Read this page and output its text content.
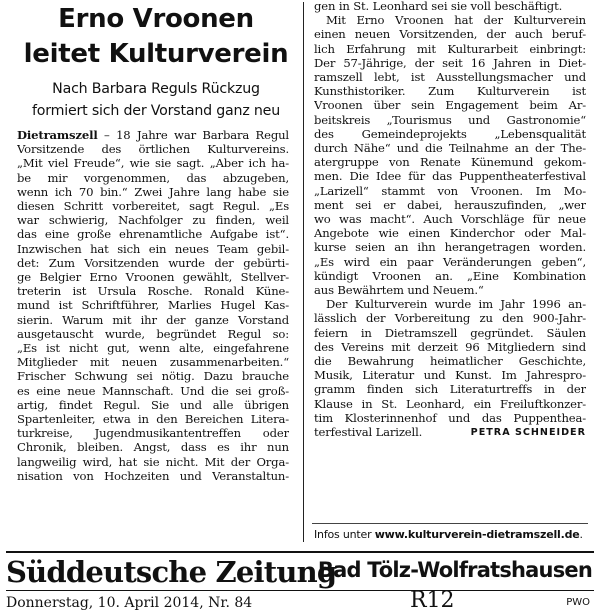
Erno Vroonen
leitet Kulturverein

Nach Barbara Reguls Rückzug
formiert sich der Vorstand ganz neu

Dietramszell – 18 Jahre war Barbara Regul
Vorsitzende des örtlichen Kulturvereins.
„Mit viel Freude“, wie sie sagt. „Aber ich ha-
be mir vorgenommen, das abzugeben,
wenn ich 70 bin.“ Zwei Jahre lang habe sie
diesen Schritt vorbereitet, sagt Regul. „Es
war schwierig, Nachfolger zu finden, weil
das eine große ehrenamtliche Aufgabe ist“.
Inzwischen hat sich ein neues Team gebil-
det: Zum Vorsitzenden wurde der gebürti-
ge Belgier Erno Vroonen gewählt, Stellver-
treterin ist Ursula Rosche. Ronald Küne-
mund ist Schriftführer, Marlies Hugel Kas-
sierin. Warum mit ihr der ganze Vorstand
ausgetauscht wurde, begründet Regul so:
„Es ist nicht gut, wenn alte, eingefahrene
Mitglieder mit neuen zusammenarbeiten.“
Frischer Schwung sei nötig. Dazu brauche
es eine neue Mannschaft. Und die sei groß-
artig, findet Regul. Sie und alle übrigen
Spartenleiter, etwa in den Bereichen Litera-
turkreise, Jugendmusikantentreffen oder
Chronik, bleiben. Angst, dass es ihr nun
langweilig wird, hat sie nicht. Mit der Orga-
nisation von Hochzeiten und Veranstaltun-
gen in St. Leonhard sei sie voll beschäftigt.
Mit Erno Vroonen hat der Kulturverein
einen neuen Vorsitzenden, der auch beruf-
lich Erfahrung mit Kulturarbeit einbringt:
Der 57-Jährige, der seit 16 Jahren in Diet-
ramszell lebt, ist Ausstellungsmacher und
Kunsthistoriker. Zum Kulturverein ist
Vroonen über sein Engagement beim Ar-
beitskreis „Tourismus und Gastronomie“
des Gemeindeprojekts „Lebensqualität
durch Nähe“ und die Teilnahme an der The-
atergruppe von Renate Künemund gekom-
men. Die Idee für das Puppentheaterfestival
„Larizell“ stammt von Vroonen. Im Mo-
ment sei er dabei, herauszufinden, „wer
wo was macht“. Auch Vorschläge für neue
Angebote wie einen Kinderchor oder Mal-
kurse seien an ihn herangetragen worden.
„Es wird ein paar Veränderungen geben“,
kündigt Vroonen an. „Eine Kombination
aus Bewährtem und Neuem.“
Der Kulturverein wurde im Jahr 1996 an-
lässlich der Vorbereitung zu den 900-Jahr-
feiern in Dietramszell gegründet. Säulen
des Vereins mit derzeit 96 Mitgliedern sind
die Bewahrung heimatlicher Geschichte,
Musik, Literatur und Kunst. Im Jahrespro-
gramm finden sich Literaturtreffs in der
Klause in St. Leonhard, ein Freiluftkonzer-
tim Klosterinnenhof und das Puppenthea-
terfestival Larizell.	PETRA SCHNEIDER
Infos unter www.kulturverein-dietramszell.de.
Süddeutsche Zeitung
Bad Tölz-Wolfratshausen
Donnerstag, 10. April 2014, Nr. 84	R12	PWO
